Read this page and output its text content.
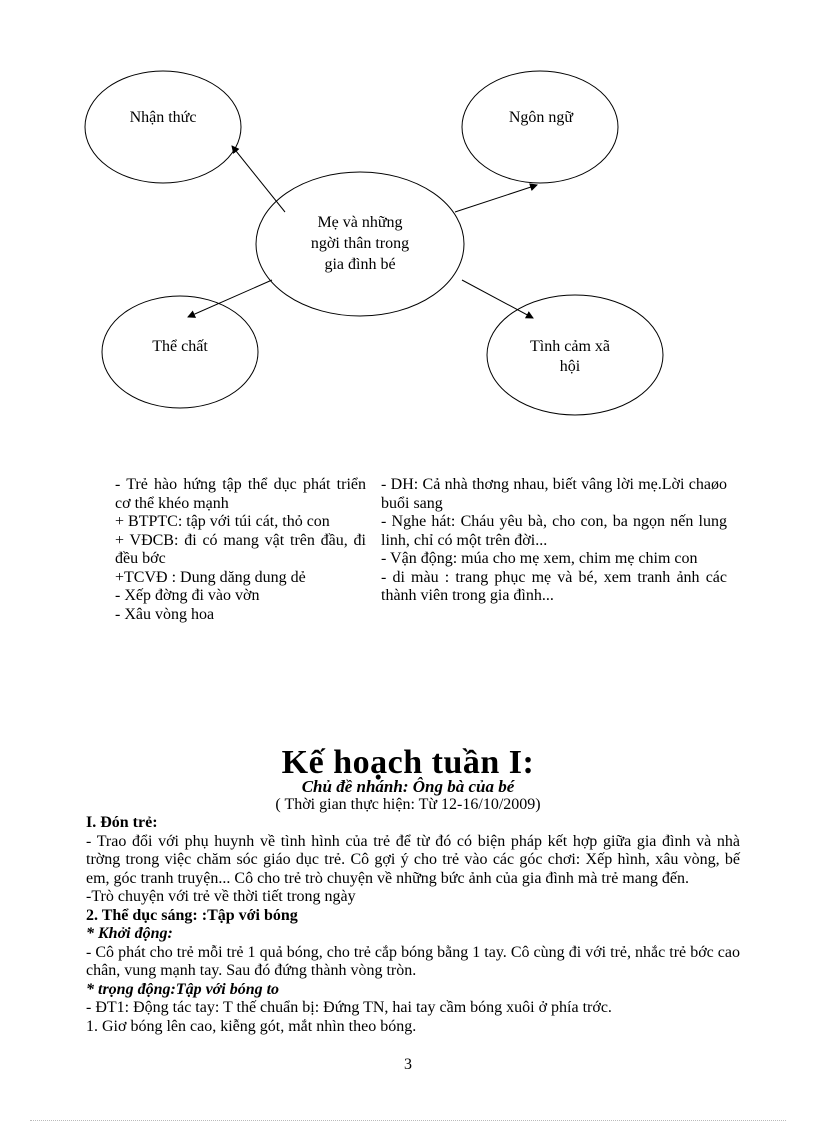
Nhận thức	Ngôn ngữ
Mẹ và những
ngời thân trong
gia đình bé
Thể chất	Tình cảm xã
hội

- Trẻ hào hứng tập thể dục phát triển cơ thể khéo mạnh

+ BTPTC: tập với túi cát, thỏ con

+ VĐCB: đi có mang vật trên đầu, đi đều bớc

+TCVĐ : Dung dăng dung dẻ

- Xếp đờng đi vào vờn

- Xâu vòng hoa

- DH: Cả nhà thơng nhau, biết vâng lời mẹ.Lời chaøo buổi sang

- Nghe hát: Cháu yêu bà, cho con, ba ngọn nến lung linh, chỉ có một trên đời...

- Vận động: múa cho mẹ xem, chim mẹ chim con

- di màu : trang phục mẹ và bé, xem tranh ảnh các thành viên trong gia đình...

Kế hoạch tuần I:
Chủ đề nhánh: Ông bà của bé
( Thời gian thực hiện: Từ 12-16/10/2009)

I. Đón trẻ:

- Trao đổi với phụ huynh về tình hình của trẻ để từ đó có biện pháp kết hợp giữa gia đình và nhà trờng trong việc chăm sóc giáo dục trẻ. Cô gợi ý cho trẻ vào các góc chơi: Xếp hình, xâu vòng, bế em, góc tranh truyện... Cô cho trẻ trò chuyện về những bức ảnh của gia đình mà trẻ mang đến.

-Trò chuyện với trẻ về thời tiết trong ngày

2. Thể dục sáng: :Tập với bóng

* Khởi động:

- Cô phát cho trẻ mỗi trẻ 1 quả bóng, cho trẻ cắp bóng bằng 1 tay. Cô cùng đi với trẻ, nhắc trẻ bớc cao chân, vung mạnh tay. Sau đó đứng thành vòng tròn.

* trọng động:Tập với bóng to

- ĐT1: Động tác tay: T thế chuẩn bị: Đứng TN, hai tay cầm bóng xuôi ở phía trớc.

1. Giơ bóng lên cao, kiễng gót, mắt nhìn theo bóng.

3
